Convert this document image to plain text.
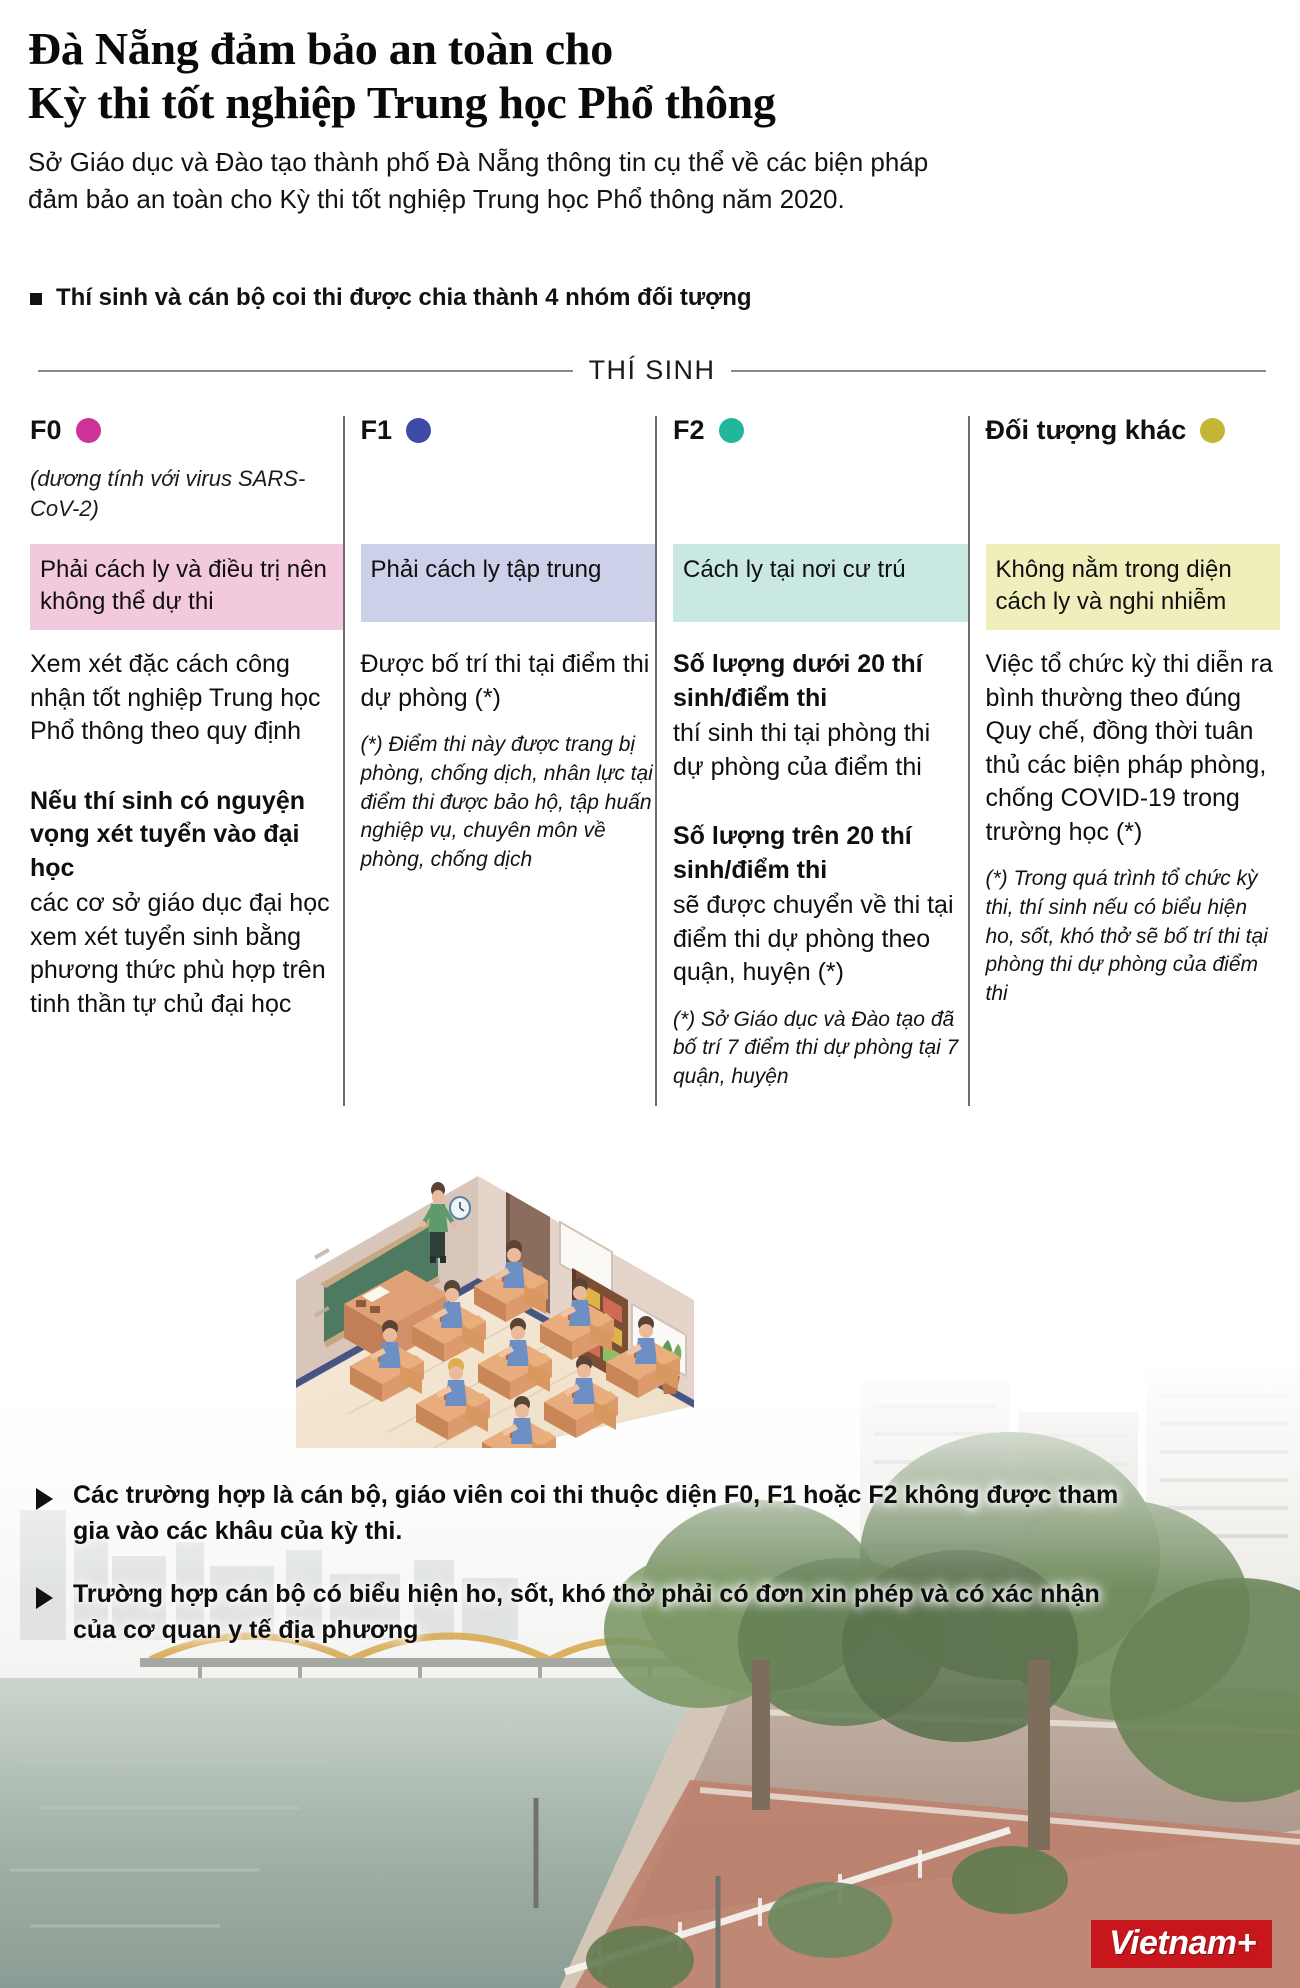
Đà Nẵng đảm bảo an toàn cho
Kỳ thi tốt nghiệp Trung học Phổ thông
Sở Giáo dục và Đào tạo thành phố Đà Nẵng thông tin cụ thể về các biện pháp
đảm bảo an toàn cho Kỳ thi tốt nghiệp Trung học Phổ thông năm 2020.
Thí sinh và cán bộ coi thi được chia thành 4 nhóm đối tượng
THÍ SINH
F0
(dương tính với virus SARS-CoV-2)
Phải cách ly và điều trị nên không thể dự thi
Xem xét đặc cách công nhận tốt nghiệp Trung học Phổ thông theo quy định
Nếu thí sinh có nguyện vọng xét tuyển vào đại học
các cơ sở giáo dục đại học xem xét tuyển sinh bằng phương thức phù hợp trên tinh thần tự chủ đại học
F1
Phải cách ly tập trung
Được bố trí thi tại điểm thi dự phòng (*)
(*) Điểm thi này được trang bị phòng, chống dịch, nhân lực tại điểm thi được bảo hộ, tập huấn nghiệp vụ, chuyên môn về phòng, chống dịch
F2
Cách ly tại nơi cư trú
Số lượng dưới 20 thí sinh/điểm thi
thí sinh thi tại phòng thi dự phòng của điểm thi
Số lượng trên 20 thí sinh/điểm thi
sẽ được chuyển về thi tại điểm thi dự phòng theo quận, huyện (*)
(*) Sở Giáo dục và Đào tạo đã bố trí 7 điểm thi dự phòng tại 7 quận, huyện
Đối tượng khác
Không nằm trong diện cách ly và nghi nhiễm
Việc tổ chức kỳ thi diễn ra bình thường theo đúng Quy chế, đồng thời tuân thủ các biện pháp phòng, chống COVID-19 trong trường học (*)
(*) Trong quá trình tổ chức kỳ thi, thí sinh nếu có biểu hiện ho, sốt, khó thở sẽ bố trí thi tại phòng thi dự phòng của điểm thi
Các trường hợp là cán bộ, giáo viên coi thi thuộc diện F0, F1 hoặc F2 không được tham gia vào các khâu của kỳ thi.
Trường hợp cán bộ có biểu hiện ho, sốt, khó thở phải có đơn xin phép và có xác nhận của cơ quan y tế địa phương
Vietnam+
